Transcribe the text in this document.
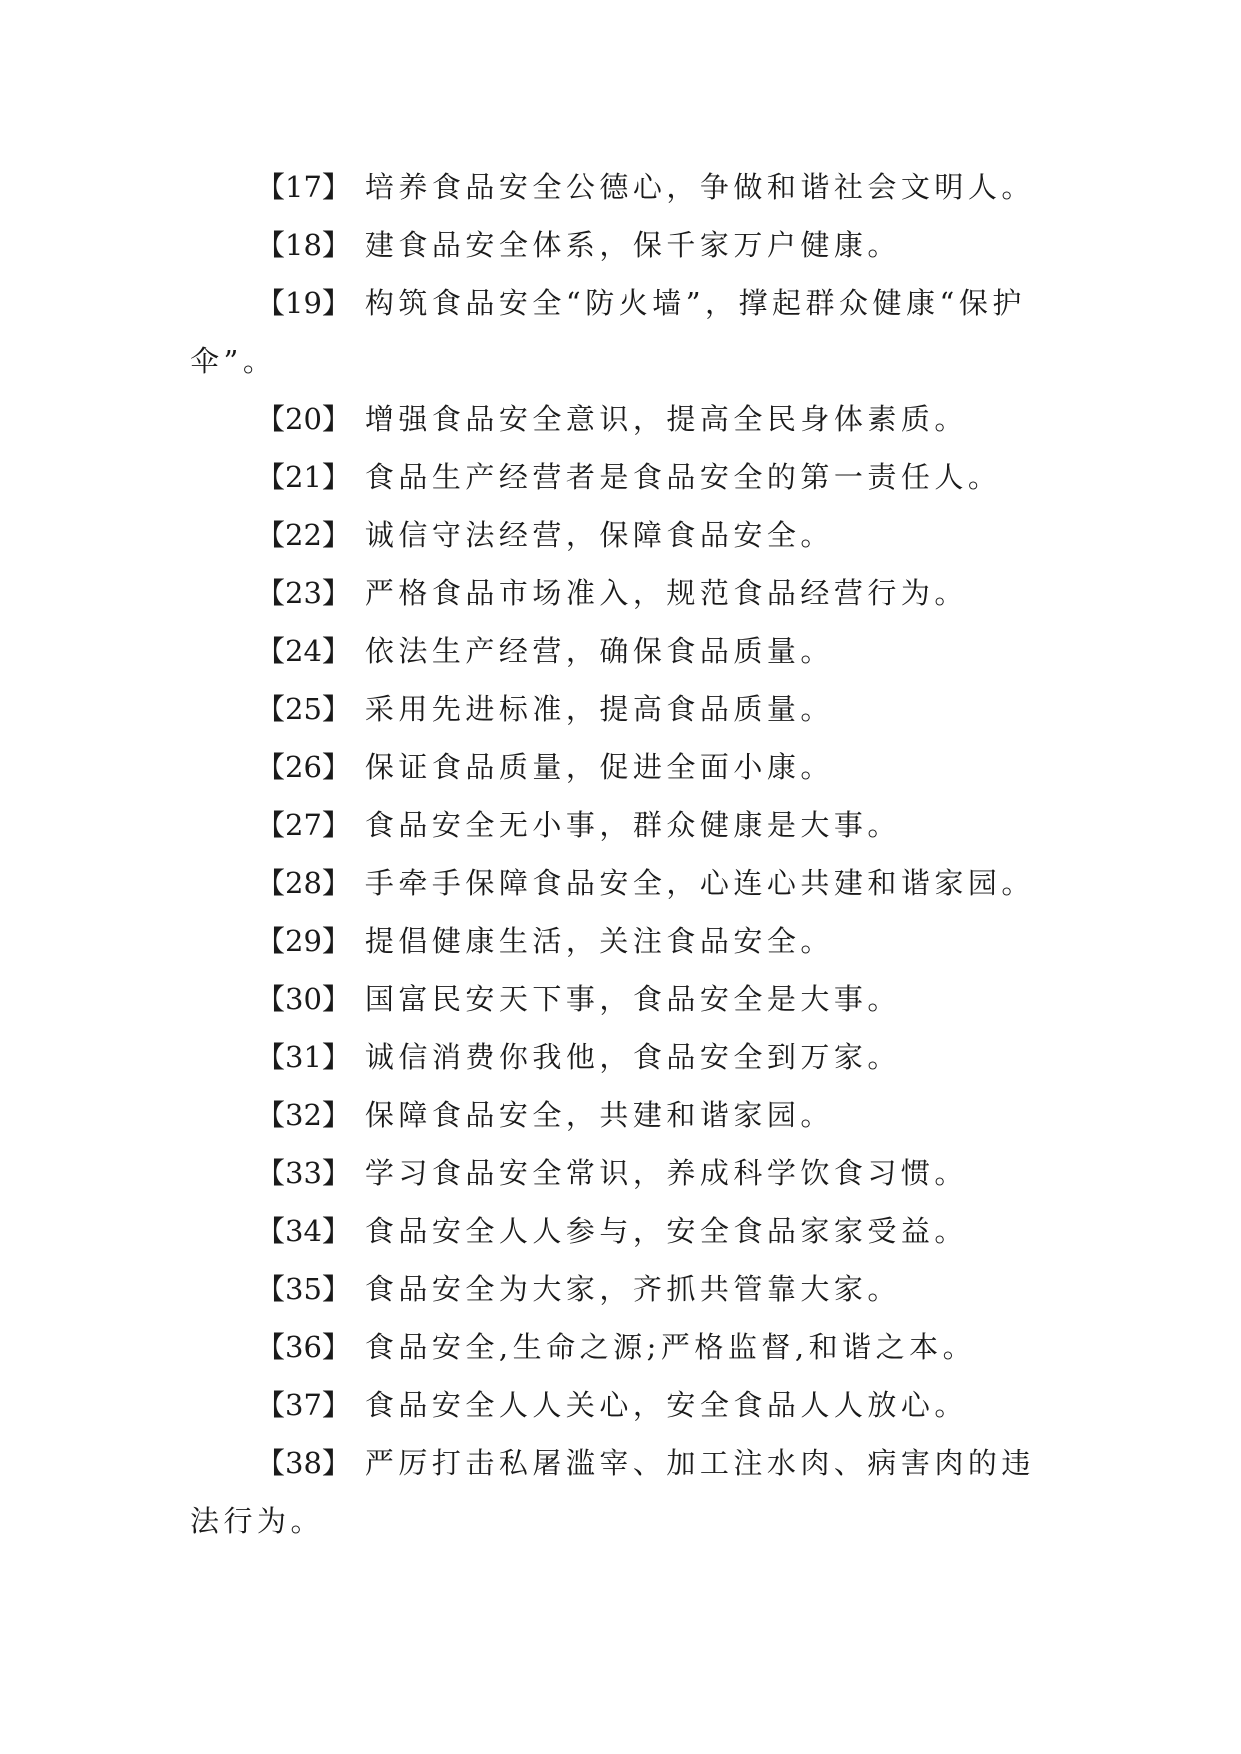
【17】 培养食品安全公德心，争做和谐社会文明人。

【18】 建食品安全体系，保千家万户健康。

【19】 构筑食品安全“防火墙”，撑起群众健康“保护伞”。

【20】 增强食品安全意识，提高全民身体素质。

【21】 食品生产经营者是食品安全的第一责任人。

【22】 诚信守法经营，保障食品安全。

【23】 严格食品市场准入，规范食品经营行为。

【24】 依法生产经营，确保食品质量。

【25】 采用先进标准，提高食品质量。

【26】 保证食品质量，促进全面小康。

【27】 食品安全无小事，群众健康是大事。

【28】 手牵手保障食品安全，心连心共建和谐家园。

【29】 提倡健康生活，关注食品安全。

【30】 国富民安天下事，食品安全是大事。

【31】 诚信消费你我他，食品安全到万家。

【32】 保障食品安全，共建和谐家园。

【33】 学习食品安全常识，养成科学饮食习惯。

【34】 食品安全人人参与，安全食品家家受益。

【35】 食品安全为大家，齐抓共管靠大家。

【36】 食品安全,生命之源;严格监督,和谐之本。

【37】 食品安全人人关心，安全食品人人放心。

【38】 严厉打击私屠滥宰、加工注水肉、病害肉的违法行为。
